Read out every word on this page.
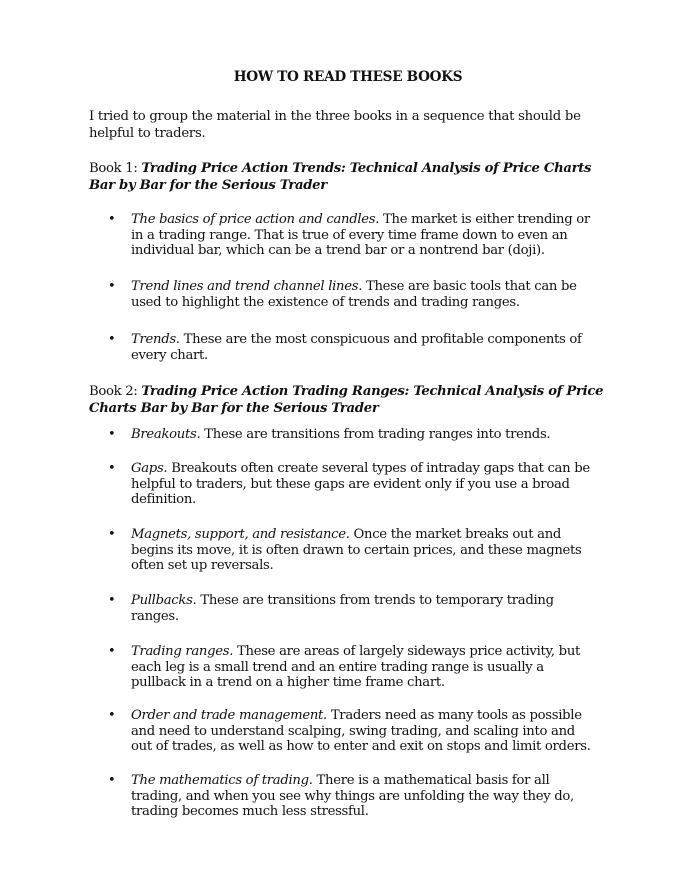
HOW TO READ THESE BOOKS
I tried to group the material in the three books in a sequence that should be helpful to traders.
Book 1: Trading Price Action Trends: Technical Analysis of Price Charts Bar by Bar for the Serious Trader
•	The basics of price action and candles. The market is either trending or in a trading range. That is true of every time frame down to even an individual bar, which can be a trend bar or a nontrend bar (doji).
•	Trend lines and trend channel lines. These are basic tools that can be used to highlight the existence of trends and trading ranges.
•	Trends. These are the most conspicuous and profitable components of every chart.
Book 2: Trading Price Action Trading Ranges: Technical Analysis of Price Charts Bar by Bar for the Serious Trader
•	Breakouts. These are transitions from trading ranges into trends.
•	Gaps. Breakouts often create several types of intraday gaps that can be helpful to traders, but these gaps are evident only if you use a broad definition.
•	Magnets, support, and resistance. Once the market breaks out and begins its move, it is often drawn to certain prices, and these magnets often set up reversals.
•	Pullbacks. These are transitions from trends to temporary trading ranges.
•	Trading ranges. These are areas of largely sideways price activity, but each leg is a small trend and an entire trading range is usually a pullback in a trend on a higher time frame chart.
•	Order and trade management. Traders need as many tools as possible and need to understand scalping, swing trading, and scaling into and out of trades, as well as how to enter and exit on stops and limit orders.
•	The mathematics of trading. There is a mathematical basis for all trading, and when you see why things are unfolding the way they do, trading becomes much less stressful.
